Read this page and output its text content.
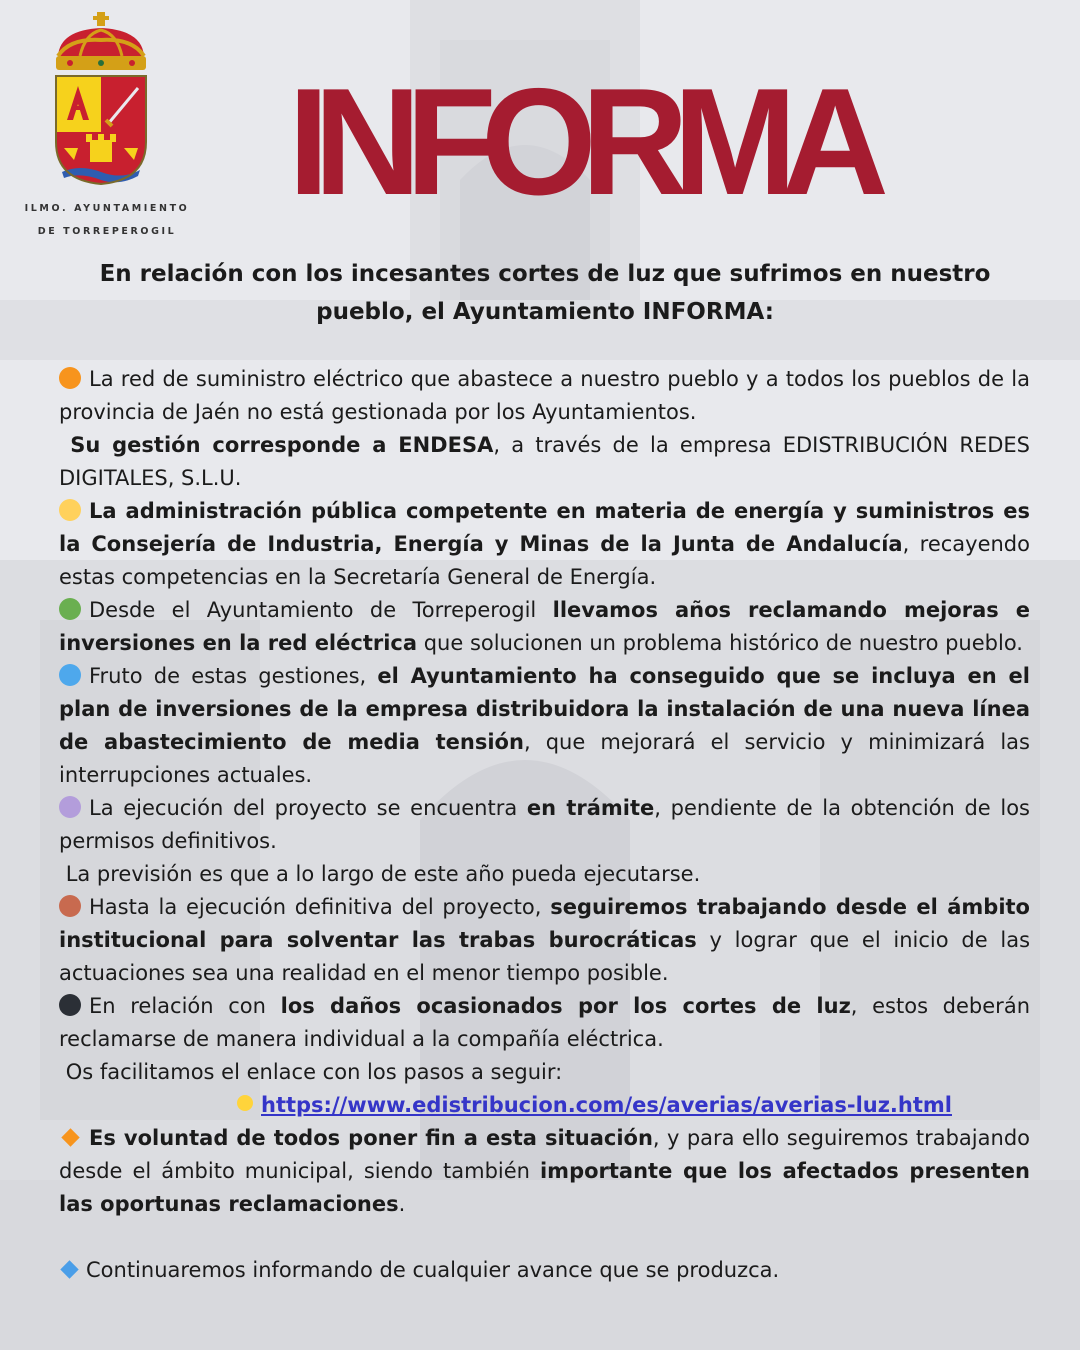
ILMO. AYUNTAMIENTO
DE TORREPEROGIL
INFORMA
En relación con los incesantes cortes de luz que sufrimos en nuestro pueblo, el Ayuntamiento INFORMA:

La red de suministro eléctrico que abastece a nuestro pueblo y a todos los pueblos de la provincia de Jaén no está gestionada por los Ayuntamientos.

Su gestión corresponde a ENDESA, a través de la empresa EDISTRIBUCIÓN REDES DIGITALES, S.L.U.

La administración pública competente en materia de energía y suministros es la Consejería de Industria, Energía y Minas de la Junta de Andalucía, recayendo estas competencias en la Secretaría General de Energía.

Desde el Ayuntamiento de Torreperogil llevamos años reclamando mejoras e inversiones en la red eléctrica que solucionen un problema histórico de nuestro pueblo.

Fruto de estas gestiones, el Ayuntamiento ha conseguido que se incluya en el plan de inversiones de la empresa distribuidora la instalación de una nueva línea de abastecimiento de media tensión, que mejorará el servicio y minimizará las interrupciones actuales.

La ejecución del proyecto se encuentra en trámite, pendiente de la obtención de los permisos definitivos.

La previsión es que a lo largo de este año pueda ejecutarse.

Hasta la ejecución definitiva del proyecto, seguiremos trabajando desde el ámbito institucional para solventar las trabas burocráticas y lograr que el inicio de las actuaciones sea una realidad en el menor tiempo posible.

En relación con los daños ocasionados por los cortes de luz, estos deberán reclamarse de manera individual a la compañía eléctrica.

Os facilitamos el enlace con los pasos a seguir:

https://www.edistribucion.com/es/averias/averias-luz.html

Es voluntad de todos poner fin a esta situación, y para ello seguiremos trabajando desde el ámbito municipal, siendo también importante que los afectados presenten las oportunas reclamaciones.

Continuaremos informando de cualquier avance que se produzca.
